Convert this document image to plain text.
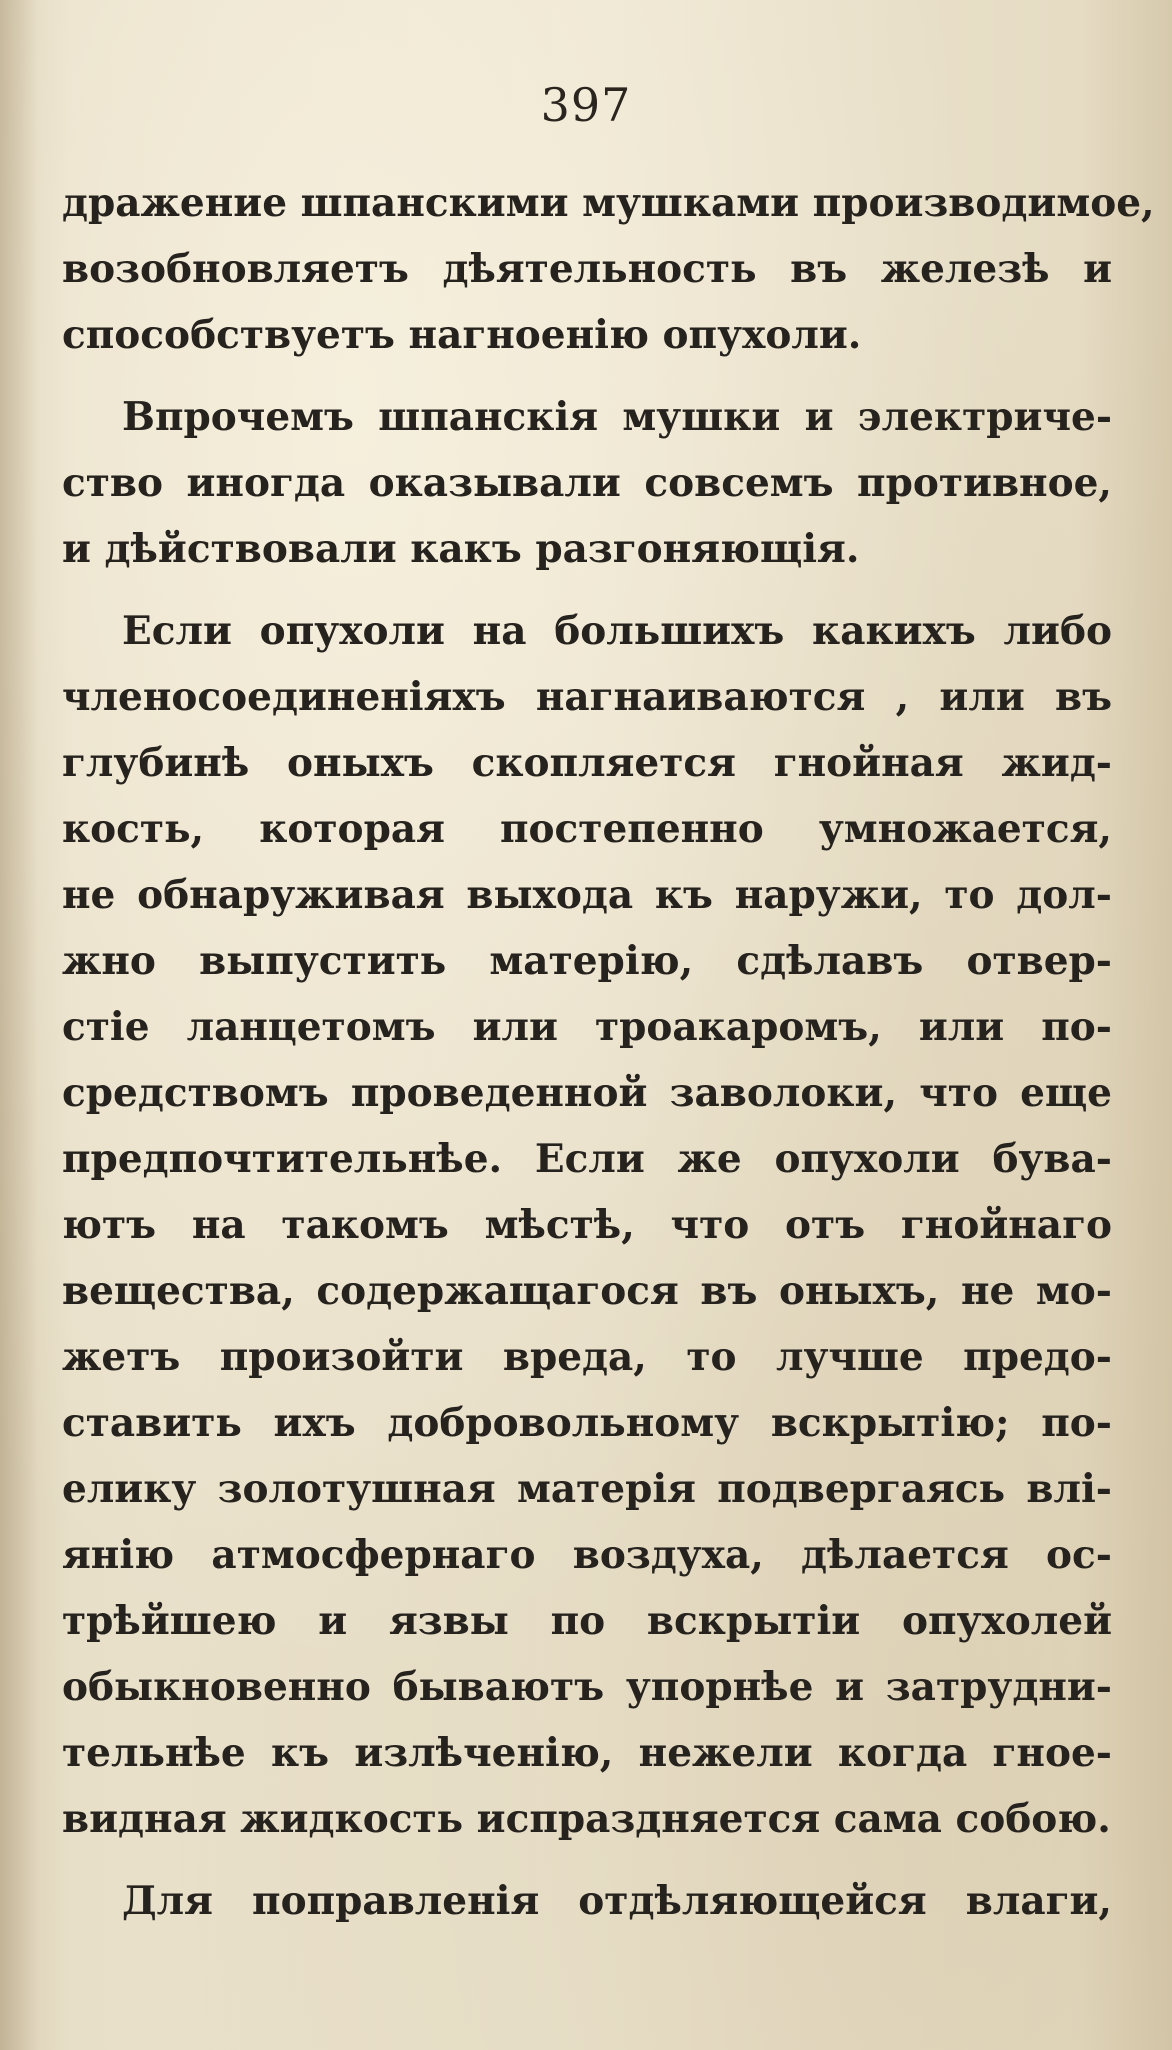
397
дражение шпанскими мушками производимое,
возобновляетъ дѣятельность въ железѣ и
способствуетъ нагноенію опухоли.
Впрочемъ шпанскія мушки и электриче-
ство иногда оказывали совсемъ противное,
и дѣйствовали какъ разгоняющія.
Если опухоли на большихъ какихъ либо
членосоединеніяхъ нагнаиваются , или въ
глубинѣ оныхъ скопляется гнойная жид-
кость, которая постепенно умножается,
не обнаруживая выхода къ наружи, то дол-
жно выпустить матерію, сдѣлавъ отвер-
стіе ланцетомъ или троакаромъ, или по-
средствомъ проведенной заволоки, что еще
предпочтительнѣе. Если же опухоли бува-
ютъ на такомъ мѣстѣ, что отъ гнойнаго
вещества, содержащагося въ оныхъ, не мо-
жетъ произойти вреда, то лучше предо-
ставить ихъ добровольному вскрытію; по-
елику золотушная матерія подвергаясь влі-
янію атмосфернаго воздуха, дѣлается ос-
трѣйшею и язвы по вскрытіи опухолей
обыкновенно бываютъ упорнѣе и затрудни-
тельнѣе къ излѣченію, нежели когда гное-
видная жидкость испраздняется сама собою.
Для поправленія отдѣляющейся влаги,
